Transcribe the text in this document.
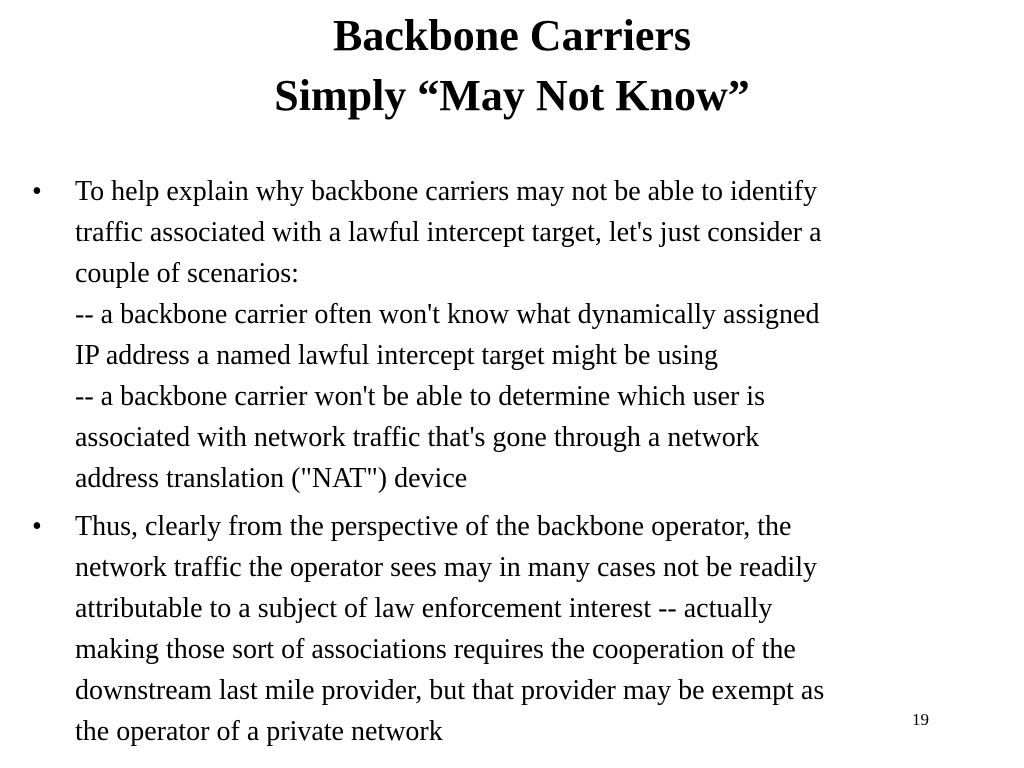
Backbone Carriers
Simply “May Not Know”
• To help explain why backbone carriers may not be able to identify
traffic associated with a lawful intercept target, let's just consider a
couple of scenarios:
-- a backbone carrier often won't know what dynamically assigned
IP address a named lawful intercept target might be using
-- a backbone carrier won't be able to determine which user is
associated with network traffic that's gone through a network
address translation ("NAT") device
• Thus, clearly from the perspective of the backbone operator, the
network traffic the operator sees may in many cases not be readily
attributable to a subject of law enforcement interest -- actually
making those sort of associations requires the cooperation of the
downstream last mile provider, but that provider may be exempt as
the operator of a private network	19
